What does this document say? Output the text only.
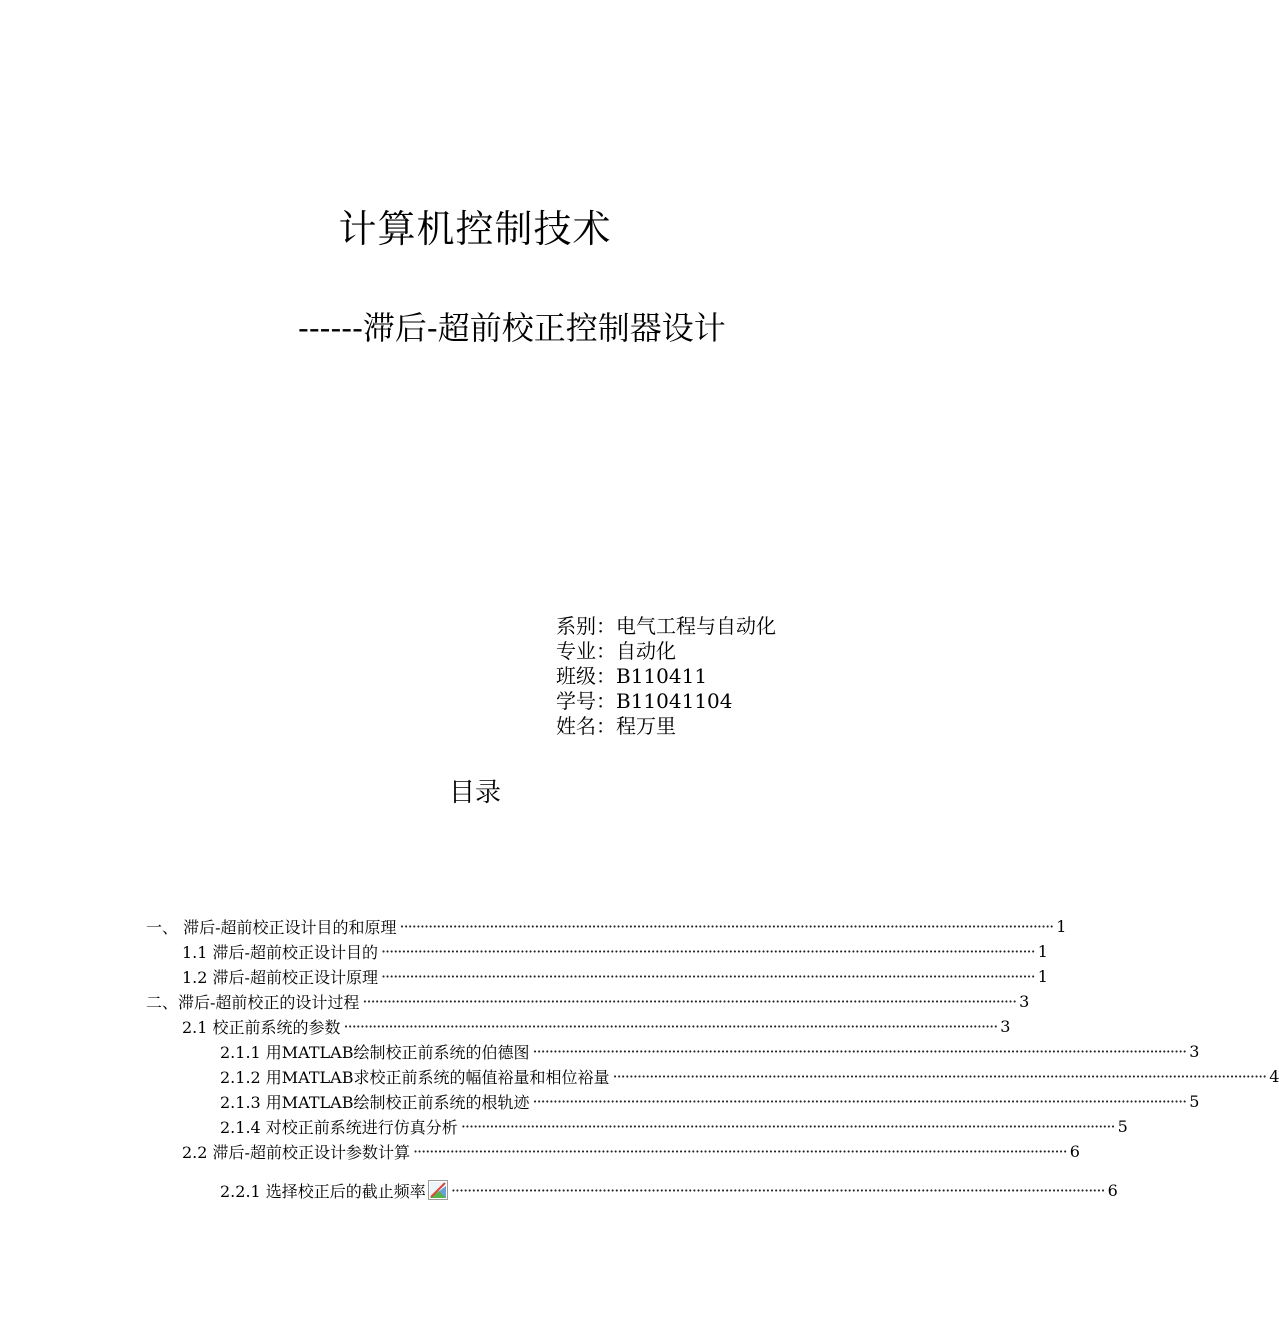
计算机控制技术
------滞后-超前校正控制器设计
系别：电气工程与自动化
专业：自动化
班级：B110411
学号：B11041104
姓名：程万里
目录
一、 滞后-超前校正设计目的和原理 ································································································································································ 1
1.1 滞后-超前校正设计目的 ································································································································································ 1
1.2 滞后-超前校正设计原理 ································································································································································ 1
二、滞后-超前校正的设计过程 ································································································································································ 3
2.1 校正前系统的参数 ································································································································································ 3
2.1.1 用MATLAB绘制校正前系统的伯德图 ································································································································································ 3
2.1.2 用MATLAB求校正前系统的幅值裕量和相位裕量 ································································································································································ 4
2.1.3 用MATLAB绘制校正前系统的根轨迹 ································································································································································ 5
2.1.4 对校正前系统进行仿真分析 ································································································································································ 5
2.2 滞后-超前校正设计参数计算 ································································································································································ 6
2.2.1 选择校正后的截止频率 ································································································································································ 6
